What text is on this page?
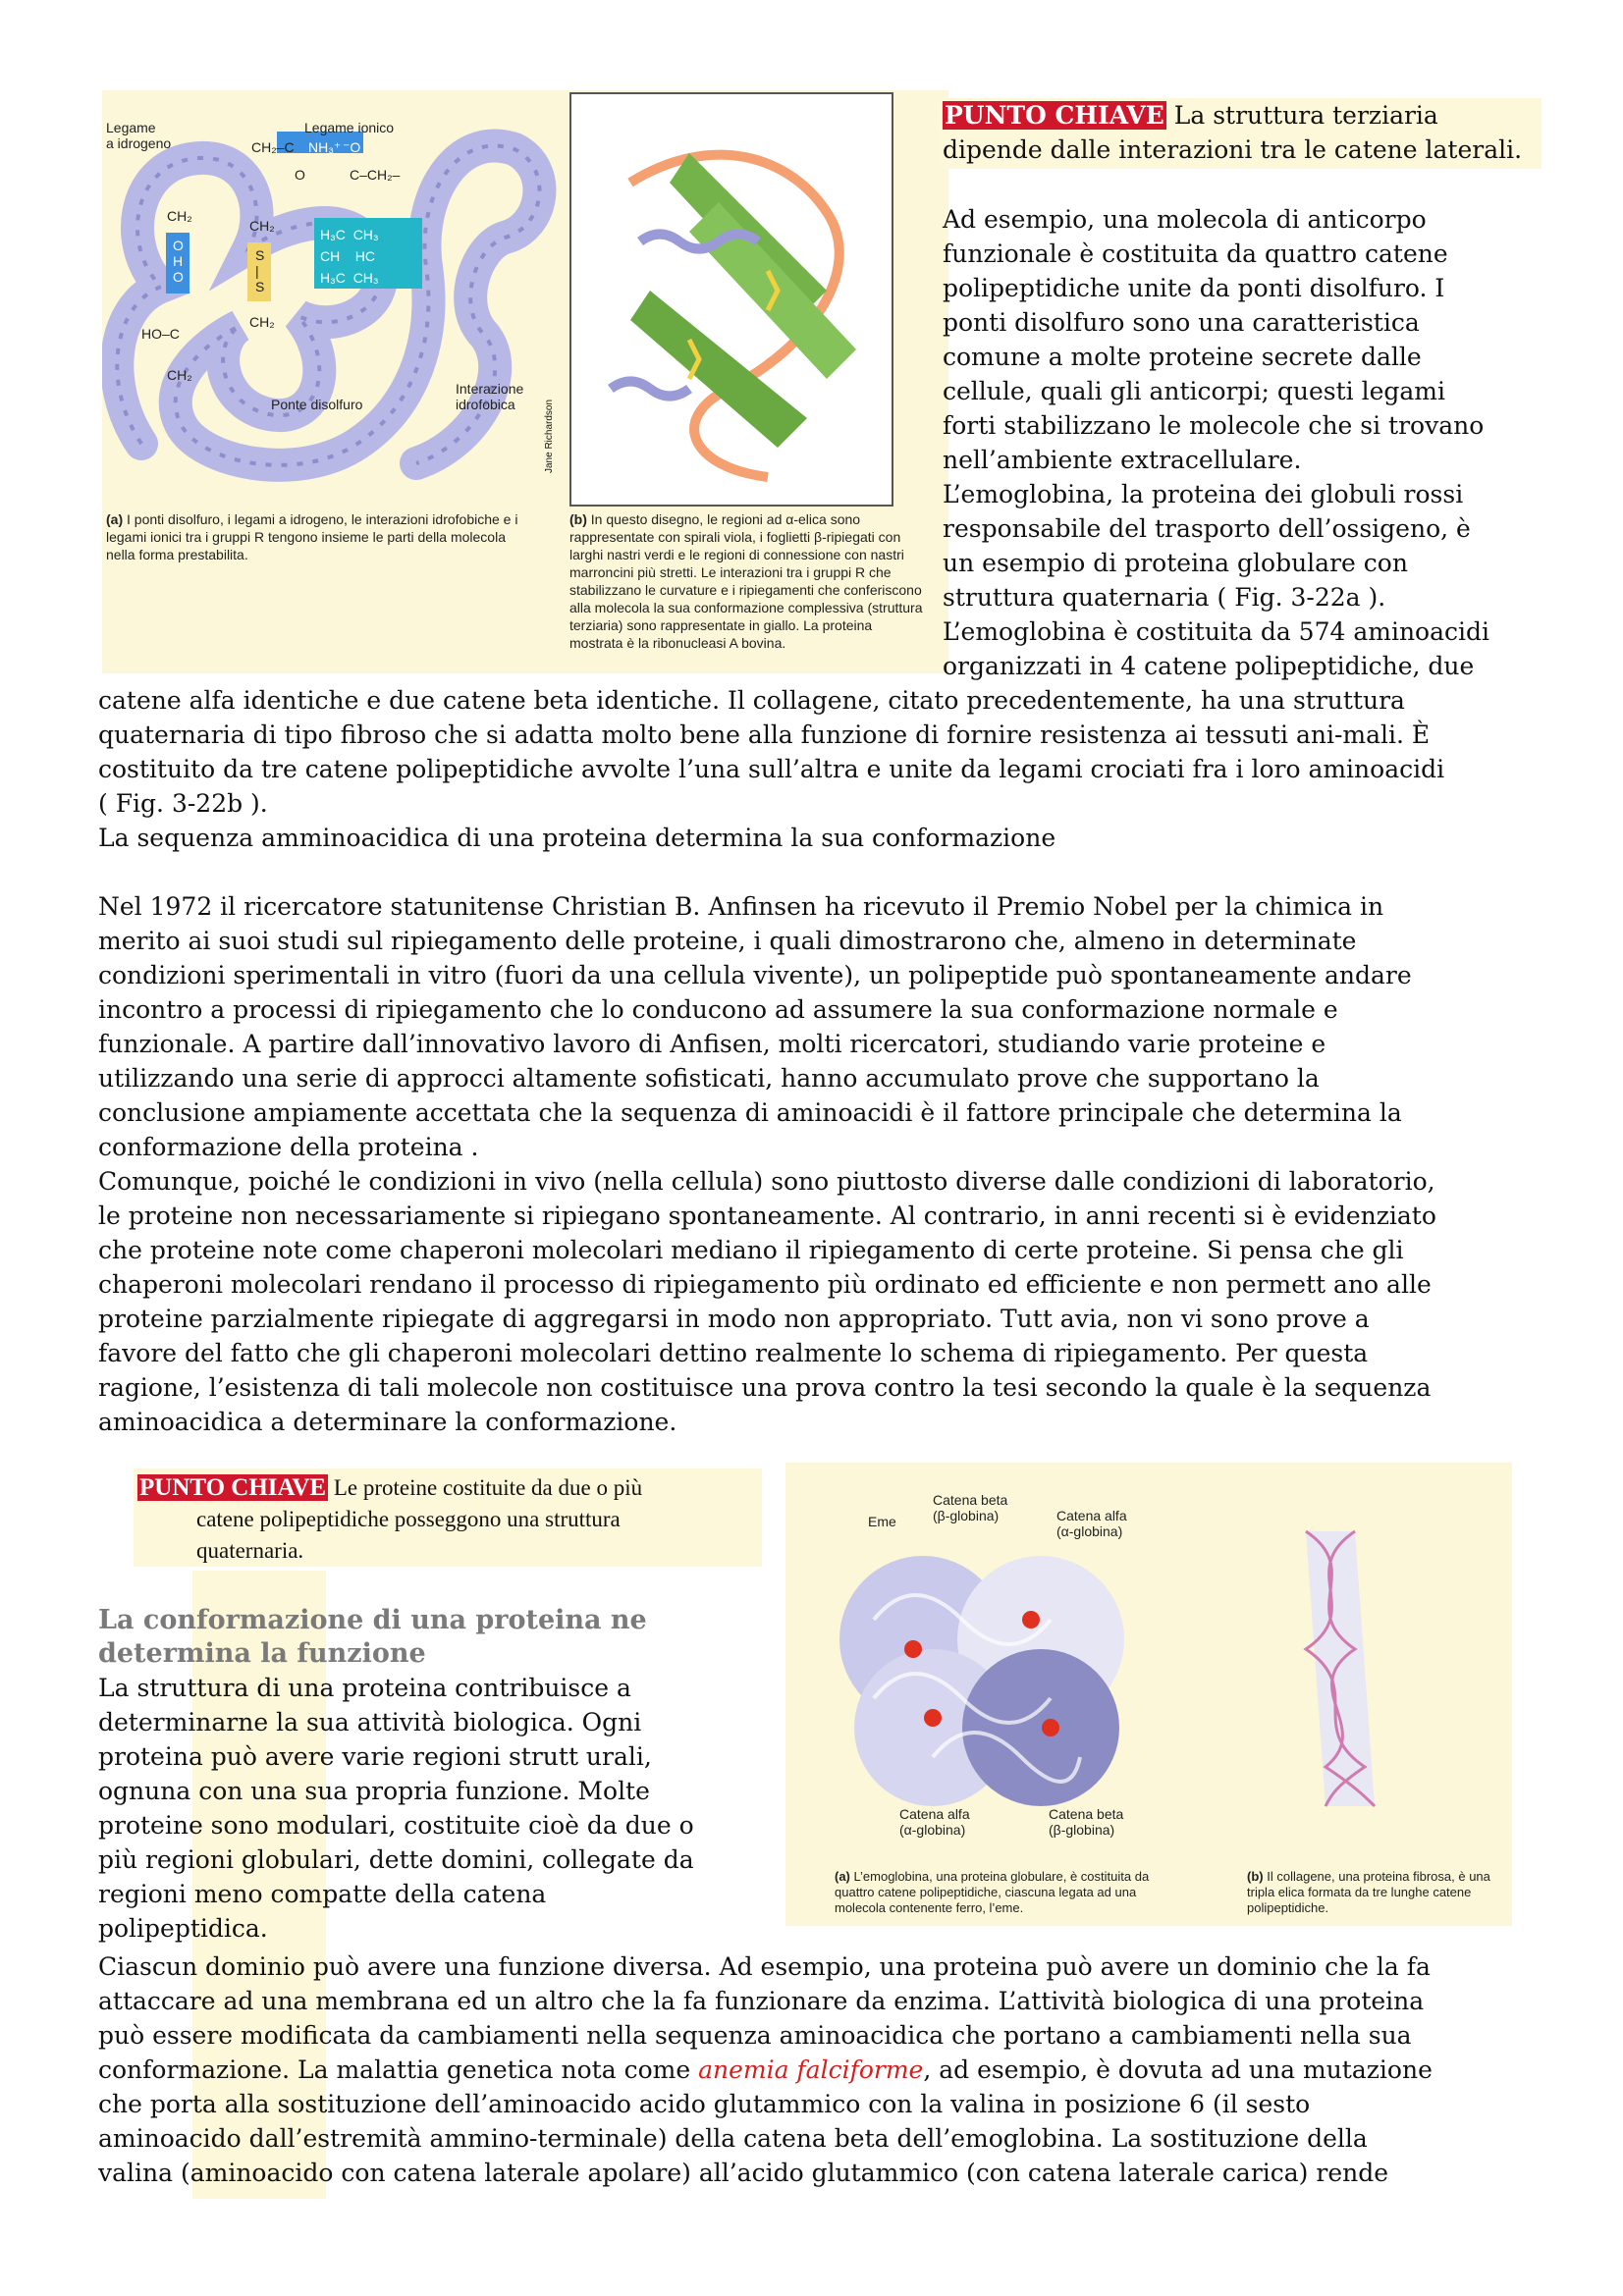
Legame
a idrogeno
Legame ionico
CH₂–C NH₃⁺ ⁻O
O	C–CH₂–
CH₂
O
H
O
HO–C
CH₂
CH₂
S
|
S
CH₂
H₃C  CH₃
CH    HC
H₃C  CH₃
Ponte disolfuro
Interazione
idrofobica	Jane Richardson
(a) I ponti disolfuro, i legami a idrogeno, le interazioni idrofobiche e i legami ionici tra i gruppi R tengono insieme le parti della molecola nella forma prestabilita.
(b) In questo disegno, le regioni ad α-elica sono rappresentate con spirali viola, i foglietti β-ripiegati con larghi nastri verdi e le regioni di connessione con nastri marroncini più stretti. Le interazioni tra i gruppi R che stabilizzano le curvature e i ripiegamenti che conferiscono alla molecola la sua conformazione complessiva (struttura terziaria) sono rappresentate in giallo. La proteina mostrata è la ribonucleasi A bovina.
PUNTO CHIAVE La struttura terziaria dipende dalle interazioni tra le catene laterali.

Ad esempio, una molecola di anticorpo

funzionale è costituita da quattro catene

polipeptidiche unite da ponti disolfuro. I

ponti disolfuro sono una caratteristica

comune a molte proteine secrete dalle

cellule, quali gli anticorpi; questi legami

forti stabilizzano le molecole che si trovano

nell’ambiente extracellulare.

L’emoglobina, la proteina dei globuli rossi

responsabile del trasporto dell’ossigeno, è

un esempio di proteina globulare con

struttura quaternaria ( Fig. 3-22a ).

L’emoglobina è costituita da 574 aminoacidi

organizzati in 4 catene polipeptidiche, due

catene alfa identiche e due catene beta identiche. Il collagene, citato precedentemente, ha una struttura

quaternaria di tipo fibroso che si adatta molto bene alla funzione di fornire resistenza ai tessuti ani-mali. È

costituito da tre catene polipeptidiche avvolte l’una sull’altra e unite da legami crociati fra i loro aminoacidi

( Fig. 3-22b ).

La sequenza amminoacidica di una proteina determina la sua conformazione

Nel 1972 il ricercatore statunitense Christian B. Anfinsen ha ricevuto il Premio Nobel per la chimica in

merito ai suoi studi sul ripiegamento delle proteine, i quali dimostrarono che, almeno in determinate

condizioni sperimentali in vitro (fuori da una cellula vivente), un polipeptide può spontaneamente andare

incontro a processi di ripiegamento che lo conducono ad assumere la sua conformazione normale e

funzionale. A partire dall’innovativo lavoro di Anfisen, molti ricercatori, studiando varie proteine e

utilizzando una serie di approcci altamente sofisticati, hanno accumulato prove che supportano la

conclusione ampiamente accettata che la sequenza di aminoacidi è il fattore principale che determina la

conformazione della proteina .

Comunque, poiché le condizioni in vivo (nella cellula) sono piuttosto diverse dalle condizioni di laboratorio,

le proteine non necessariamente si ripiegano spontaneamente. Al contrario, in anni recenti si è evidenziato

che proteine note come chaperoni molecolari mediano il ripiegamento di certe proteine. Si pensa che gli

chaperoni molecolari rendano il processo di ripiegamento più ordinato ed efficiente e non permett ano alle

proteine parzialmente ripiegate di aggregarsi in modo non appropriato. Tutt avia, non vi sono prove a

favore del fatto che gli chaperoni molecolari dettino realmente lo schema di ripiegamento. Per questa

ragione, l’esistenza di tali molecole non costituisce una prova contro la tesi secondo la quale è la sequenza

aminoacidica a determinare la conformazione.

PUNTO CHIAVE Le proteine costituite da due o più
catene polipeptidiche posseggono una struttura
quaternaria.
La conformazione di una proteina ne
determina la funzione

La struttura di una proteina contribuisce a

determinarne la sua attività biologica. Ogni

proteina può avere varie regioni strutt urali,

ognuna con una sua propria funzione. Molte

proteine sono modulari, costituite cioè da due o

più regioni globulari, dette domini, collegate da

regioni meno compatte della catena

polipeptidica.

Eme
Catena beta
(β-globina)	Catena alfa
(α-globina)
Catena alfa
(α-globina)
Catena beta
(β-globina)
(a) L’emoglobina, una proteina globulare, è costituita da quattro catene polipeptidiche, ciascuna legata ad una molecola contenente ferro, l’eme.
(b) Il collagene, una proteina fibrosa, è una tripla elica formata da tre lunghe catene polipeptidiche.

Ciascun dominio può avere una funzione diversa. Ad esempio, una proteina può avere un dominio che la fa

attaccare ad una membrana ed un altro che la fa funzionare da enzima. L’attività biologica di una proteina

può essere modificata da cambiamenti nella sequenza aminoacidica che portano a cambiamenti nella sua

conformazione. La malattia genetica nota come anemia falciforme, ad esempio, è dovuta ad una mutazione

che porta alla sostituzione dell’aminoacido acido glutammico con la valina in posizione 6 (il sesto

aminoacido dall’estremità ammino-terminale) della catena beta dell’emoglobina. La sostituzione della

valina (aminoacido con catena laterale apolare) all’acido glutammico (con catena laterale carica) rende
